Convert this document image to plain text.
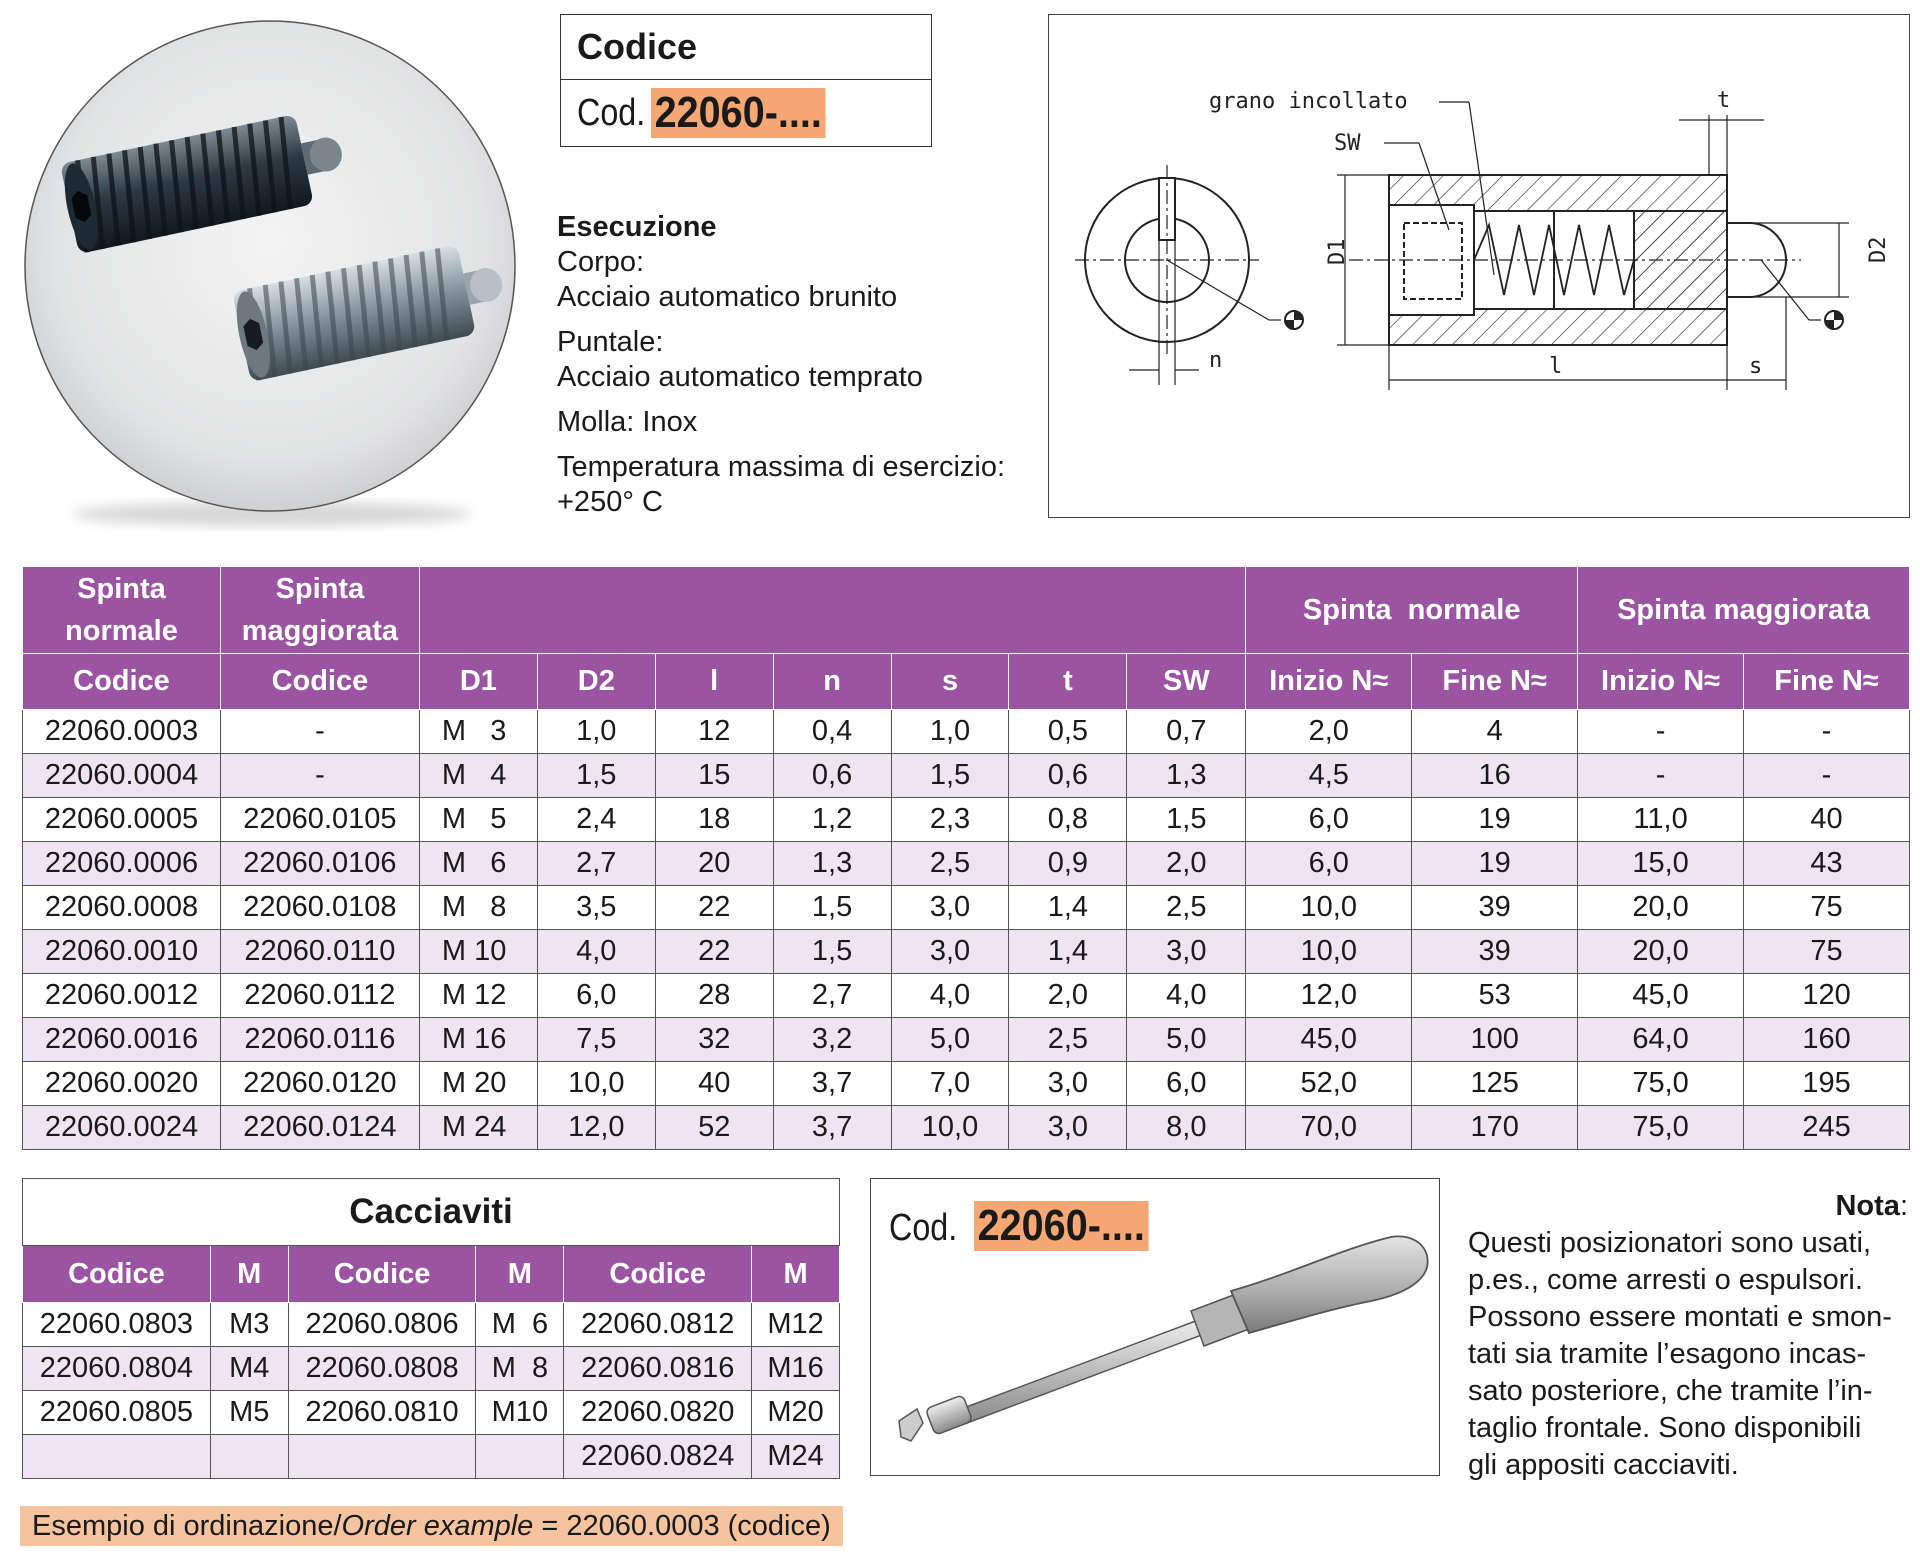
Codice
Cod. 22060-....

Esecuzione

Corpo:

Acciaio automatico brunito

Puntale:

Acciaio automatico temprato

Molla: Inox

Temperatura massima di esercizio:

+250° C

grano incollato
SW
t
D1	D2
n	l	s
Spinta normale	Spinta maggiorata								Spinta  normale		Spinta maggiorata	
Codice	Codice	D1	D2	l	n	s	t	SW	Inizio N≈	Fine N≈	Inizio N≈	Fine N≈
22060.0003	-	M   3	1,0	12	0,4	1,0	0,5	0,7	2,0	4	-	-
22060.0004	-	M   4	1,5	15	0,6	1,5	0,6	1,3	4,5	16	-	-
22060.0005	22060.0105	M   5	2,4	18	1,2	2,3	0,8	1,5	6,0	19	11,0	40
22060.0006	22060.0106	M   6	2,7	20	1,3	2,5	0,9	2,0	6,0	19	15,0	43
22060.0008	22060.0108	M   8	3,5	22	1,5	3,0	1,4	2,5	10,0	39	20,0	75
22060.0010	22060.0110	M 10	4,0	22	1,5	3,0	1,4	3,0	10,0	39	20,0	75
22060.0012	22060.0112	M 12	6,0	28	2,7	4,0	2,0	4,0	12,0	53	45,0	120
22060.0016	22060.0116	M 16	7,5	32	3,2	5,0	2,5	5,0	45,0	100	64,0	160
22060.0020	22060.0120	M 20	10,0	40	3,7	7,0	3,0	6,0	52,0	125	75,0	195
22060.0024	22060.0124	M 24	12,0	52	3,7	10,0	3,0	8,0	70,0	170	75,0	245
Cacciaviti					
Codice	M	Codice	M	Codice	M
22060.0803	M3	22060.0806	M  6	22060.0812	M12
22060.0804	M4	22060.0808	M  8	22060.0816	M16
22060.0805	M5	22060.0810	M10	22060.0820	M20
				22060.0824	M24
Cod. 22060-....	Nota:
Questi posizionatori sono usati,
p.es., come arresti o espulsori.
Possono essere montati e smon-
tati sia tramite l’esagono incas-
sato posteriore, che tramite l’in-
taglio frontale. Sono disponibili
gli appositi cacciaviti.
Esempio di ordinazione/Order example = 22060.0003 (codice)
